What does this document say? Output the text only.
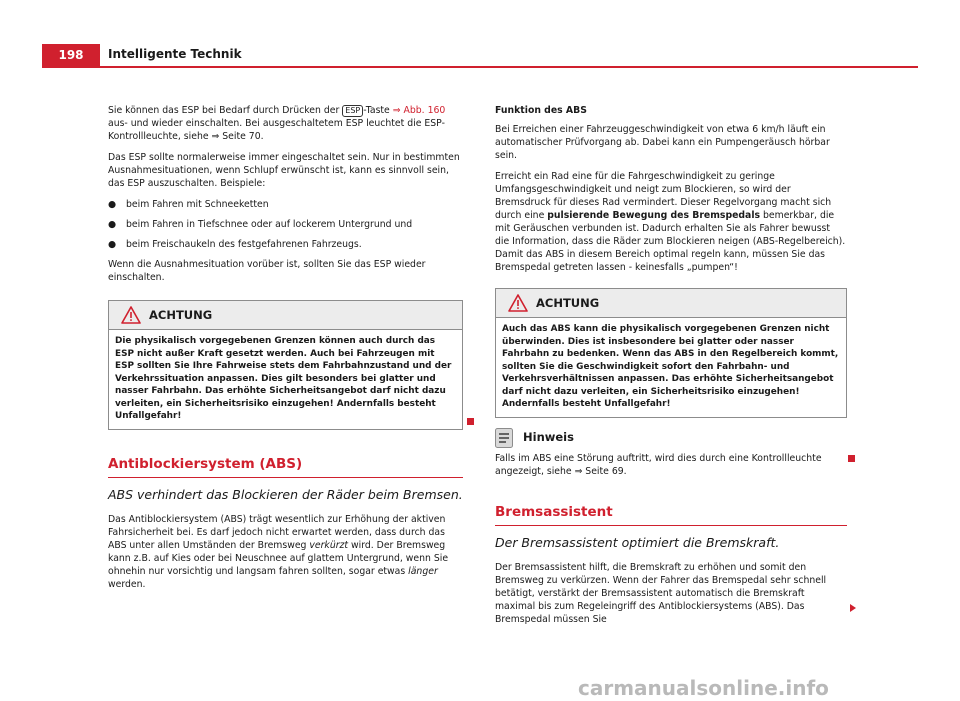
198	Intelligente Technik

Sie können das ESP bei Bedarf durch Drücken der ESP -Taste ⇒ Abb. 160 aus- und wieder einschalten. Bei ausgeschaltetem ESP leuchtet die ESP-Kontrollleuchte, siehe ⇒ Seite 70.

Das ESP sollte normalerweise immer eingeschaltet sein. Nur in bestimmten Ausnahmesituationen, wenn Schlupf erwünscht ist, kann es sinnvoll sein, das ESP auszuschalten. Beispiele:

●	beim Fahren mit Schneeketten
●	beim Fahren in Tiefschnee oder auf lockerem Untergrund und
●	beim Freischaukeln des festgefahrenen Fahrzeugs.

Wenn die Ausnahmesituation vorüber ist, sollten Sie das ESP wieder einschalten.

ACHTUNG
Die physikalisch vorgegebenen Grenzen können auch durch das ESP nicht außer Kraft gesetzt werden. Auch bei Fahrzeugen mit ESP sollten Sie Ihre Fahrweise stets dem Fahrbahnzustand und der Verkehrssituation anpassen. Dies gilt besonders bei glatter und nasser Fahrbahn. Das erhöhte Sicherheitsangebot darf nicht dazu verleiten, ein Sicherheitsrisiko einzugehen! Andernfalls besteht Unfallgefahr!
Antiblockiersystem (ABS)
ABS verhindert das Blockieren der Räder beim Bremsen.

Das Antiblockiersystem (ABS) trägt wesentlich zur Erhöhung der aktiven Fahrsicherheit bei. Es darf jedoch nicht erwartet werden, dass durch das ABS unter allen Umständen der Bremsweg verkürzt wird. Der Bremsweg kann z.B. auf Kies oder bei Neuschnee auf glattem Untergrund, wenn Sie ohnehin nur vorsichtig und langsam fahren sollten, sogar etwas länger werden.

Funktion des ABS

Bei Erreichen einer Fahrzeuggeschwindigkeit von etwa 6 km/h läuft ein automatischer Prüfvorgang ab. Dabei kann ein Pumpengeräusch hörbar sein.

Erreicht ein Rad eine für die Fahrgeschwindigkeit zu geringe Umfangsgeschwindigkeit und neigt zum Blockieren, so wird der Bremsdruck für dieses Rad vermindert. Dieser Regelvorgang macht sich durch eine pulsierende Bewegung des Bremspedals bemerkbar, die mit Geräuschen verbunden ist. Dadurch erhalten Sie als Fahrer bewusst die Information, dass die Räder zum Blockieren neigen (ABS-Regelbereich). Damit das ABS in diesem Bereich optimal regeln kann, müssen Sie das Bremspedal getreten lassen - keinesfalls „pumpen“!

ACHTUNG
Auch das ABS kann die physikalisch vorgegebenen Grenzen nicht überwinden. Dies ist insbesondere bei glatter oder nasser Fahrbahn zu bedenken. Wenn das ABS in den Regelbereich kommt, sollten Sie die Geschwindigkeit sofort den Fahrbahn- und Verkehrsverhältnissen anpassen. Das erhöhte Sicherheitsangebot darf nicht dazu verleiten, ein Sicherheitsrisiko einzugehen! Andernfalls besteht Unfallgefahr!
Hinweis

Falls im ABS eine Störung auftritt, wird dies durch eine Kontrollleuchte angezeigt, siehe ⇒ Seite 69.

Bremsassistent
Der Bremsassistent optimiert die Bremskraft.

Der Bremsassistent hilft, die Bremskraft zu erhöhen und somit den Bremsweg zu verkürzen. Wenn der Fahrer das Bremspedal sehr schnell betätigt, verstärkt der Bremsassistent automatisch die Bremskraft maximal bis zum Regeleingriff des Antiblockiersystems (ABS). Das Bremspedal müssen Sie

carmanualsonline.info
